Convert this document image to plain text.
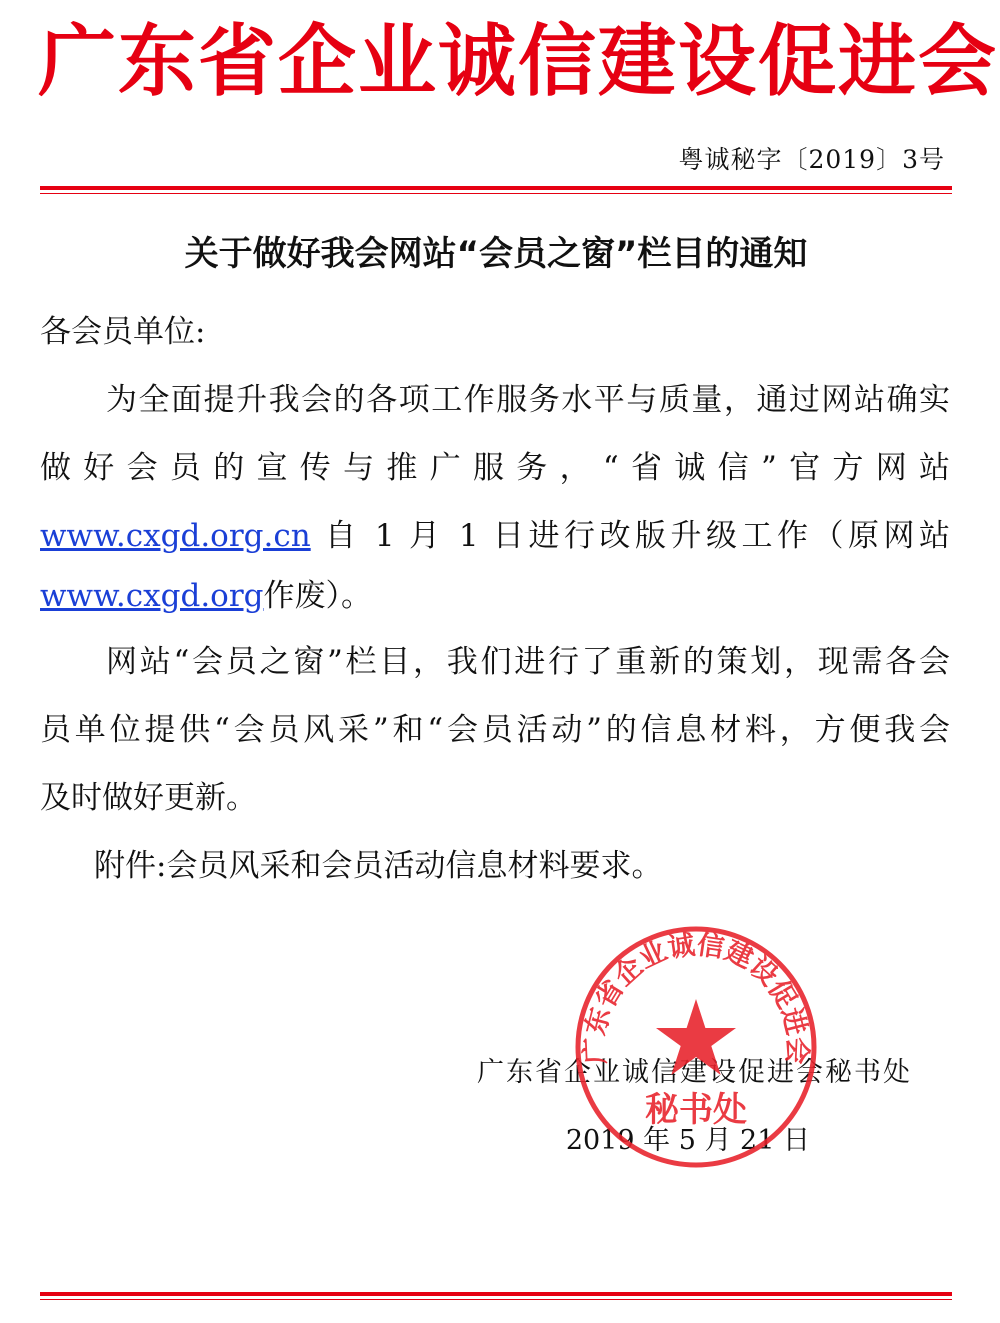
广东省企业诚信建设促进会
粤诚秘字〔2019〕3号
关于做好我会网站“会员之窗”栏目的通知
各会员单位:
为全面提升我会的各项工作服务水平与质量，通过网站确实
做好会员的宣传与推广服务，“省诚信”官方网站
www.cxgd.org.cn 自 1 月 1 日进行改版升级工作（原网站
www.cxgd.org作废）。
网站“会员之窗”栏目，我们进行了重新的策划，现需各会
员单位提供“会员风采”和“会员活动”的信息材料，方便我会
及时做好更新。
附件:会员风采和会员活动信息材料要求。
广东省企业诚信建设促进会秘书处
2019 年 5 月 21 日
广东省企业诚信建设促进会
秘书处
